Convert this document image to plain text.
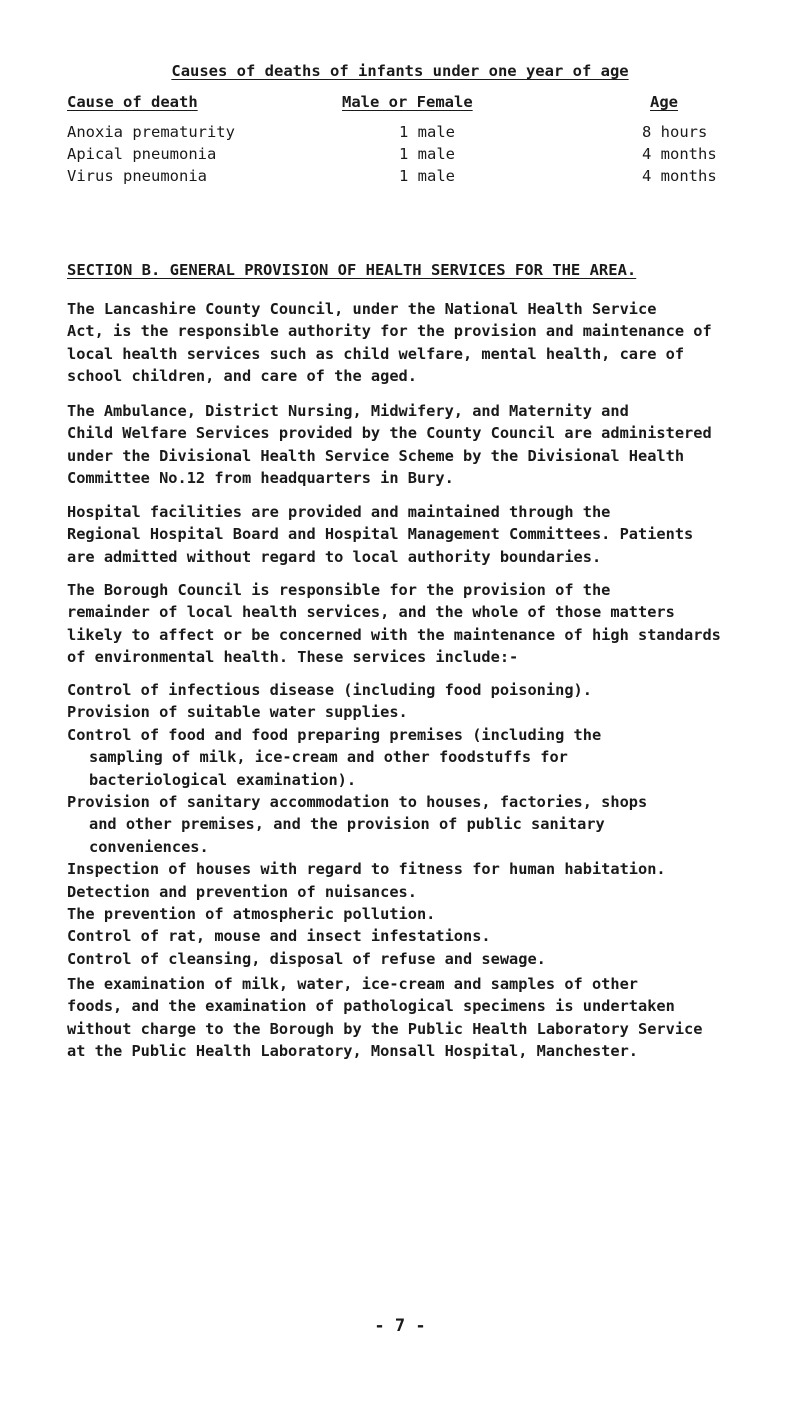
Causes of deaths of infants under one year of age
Cause of death	Male or Female	Age
Anoxia prematurity	1 male	8 hours
Apical pneumonia	1 male	4 months
Virus pneumonia	1 male	4 months
SECTION B. GENERAL PROVISION OF HEALTH SERVICES FOR THE AREA.

The Lancashire County Council, under the National Health Service
Act, is the responsible authority for the provision and maintenance of
local health services such as child welfare, mental health, care of
school children, and care of the aged.

The Ambulance, District Nursing, Midwifery, and Maternity and
Child Welfare Services provided by the County Council are administered
under the Divisional Health Service Scheme by the Divisional Health
Committee No.12 from headquarters in Bury.

Hospital facilities are provided and maintained through the
Regional Hospital Board and Hospital Management Committees. Patients
are admitted without regard to local authority boundaries.

The Borough Council is responsible for the provision of the
remainder of local health services, and the whole of those matters
likely to affect or be concerned with the maintenance of high standards
of environmental health. These services include:-

Control of infectious disease (including food poisoning).
Provision of suitable water supplies.
Control of food and food preparing premises (including the
sampling of milk, ice-cream and other foodstuffs for
bacteriological examination).
Provision of sanitary accommodation to houses, factories, shops
and other premises, and the provision of public sanitary
conveniences.
Inspection of houses with regard to fitness for human habitation.
Detection and prevention of nuisances.
The prevention of atmospheric pollution.
Control of rat, mouse and insect infestations.
Control of cleansing, disposal of refuse and sewage.

The examination of milk, water, ice-cream and samples of other
foods, and the examination of pathological specimens is undertaken
without charge to the Borough by the Public Health Laboratory Service
at the Public Health Laboratory, Monsall Hospital, Manchester.

- 7 -
